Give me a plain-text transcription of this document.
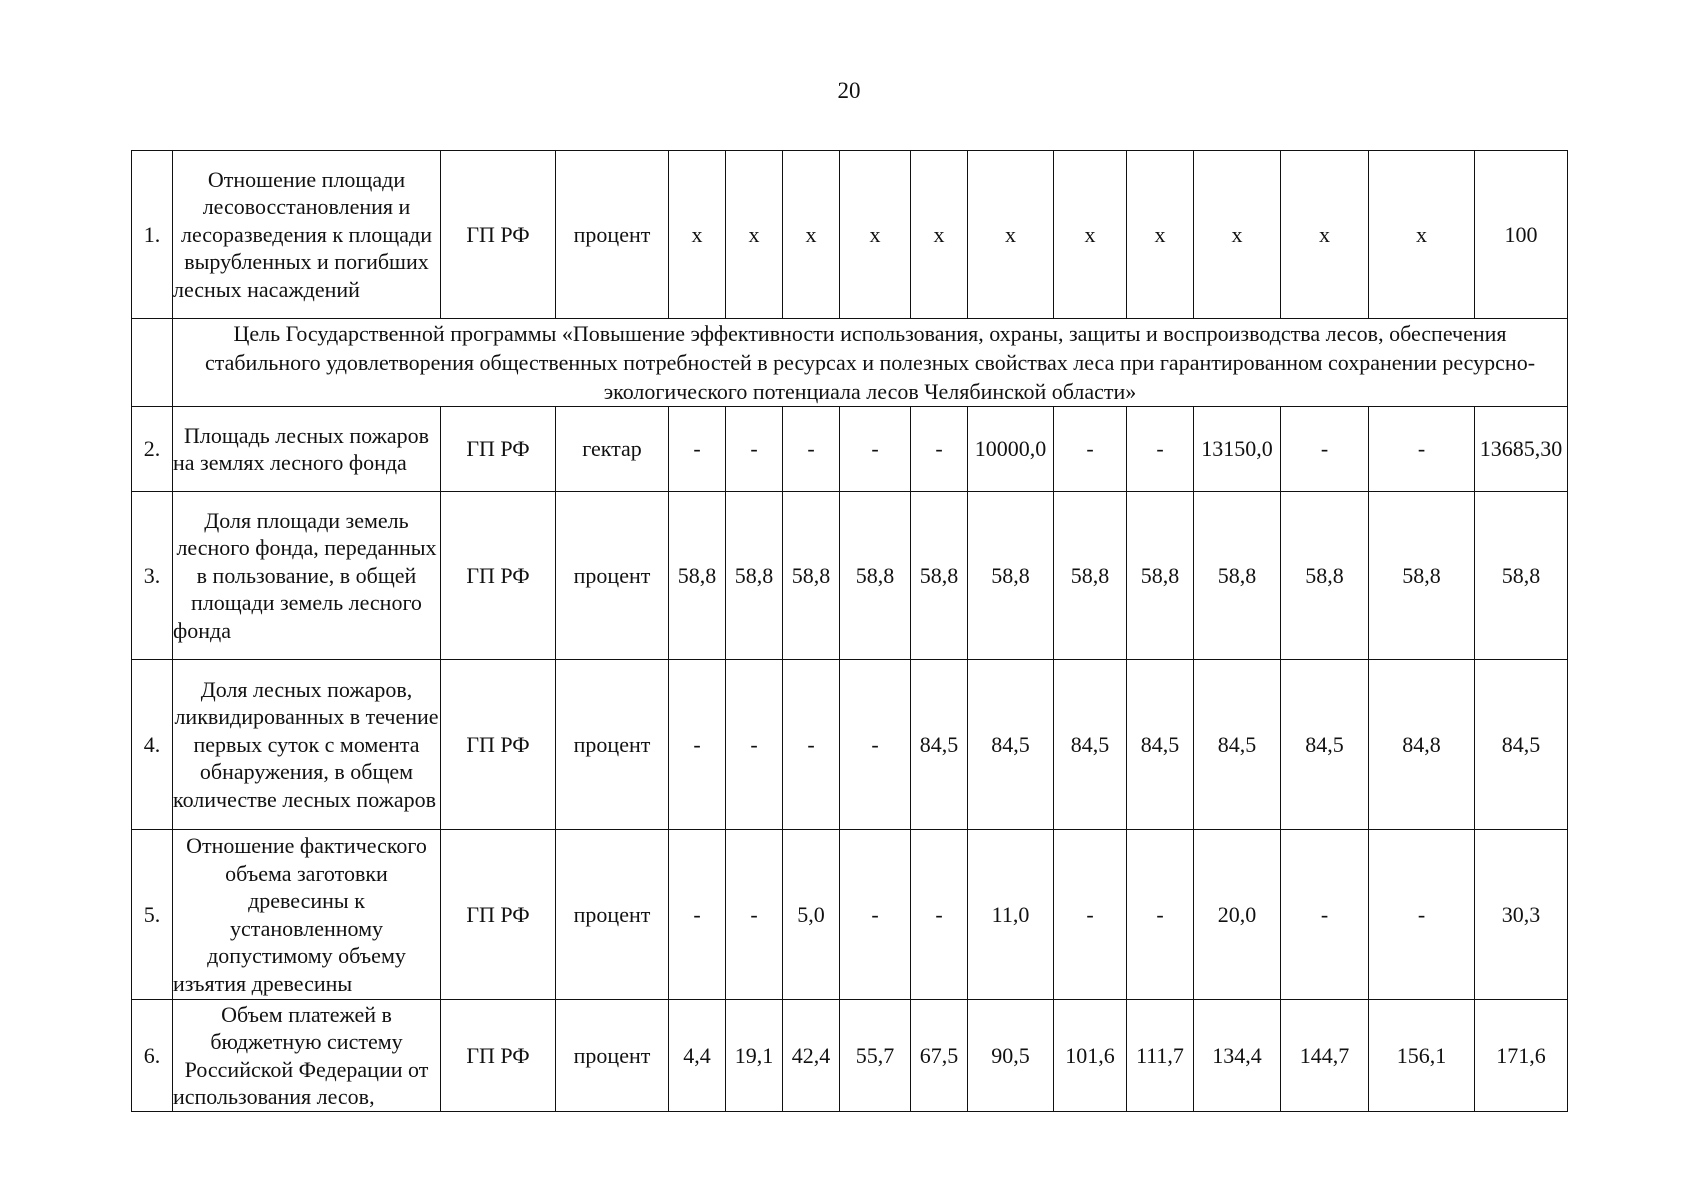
20
1.	Отношение площади лесовосстановления и лесоразведения к площади вырубленных и погибших лесных насаждений	ГП РФ	процент	х	х	х	х	х	х	х	х	х	х	х	100
	Цель Государственной программы «Повышение эффективности использования, охраны, защиты и воспроизводства лесов, обеспечения стабильного удовлетворения общественных потребностей в ресурсах и полезных свойствах леса при гарантированном сохранении ресурсно-экологического потенциала лесов Челябинской области»														
2.	Площадь лесных пожаров на землях лесного фонда	ГП РФ	гектар	-	-	-	-	-	10000,0	-	-	13150,0	-	-	13685,30
3.	Доля площади земель лесного фонда, переданных в пользование, в общей площади земель лесного фонда	ГП РФ	процент	58,8	58,8	58,8	58,8	58,8	58,8	58,8	58,8	58,8	58,8	58,8	58,8
4.	Доля лесных пожаров, ликвидированных в течение первых суток с момента обнаружения, в общем количестве лесных пожаров	ГП РФ	процент	-	-	-	-	84,5	84,5	84,5	84,5	84,5	84,5	84,8	84,5
5.	Отношение фактического объема заготовки древесины к установленному допустимому объему изъятия древесины	ГП РФ	процент	-	-	5,0	-	-	11,0	-	-	20,0	-	-	30,3
6.	Объем платежей в бюджетную систему Российской Федерации от использования лесов,	ГП РФ	процент	4,4	19,1	42,4	55,7	67,5	90,5	101,6	111,7	134,4	144,7	156,1	171,6
